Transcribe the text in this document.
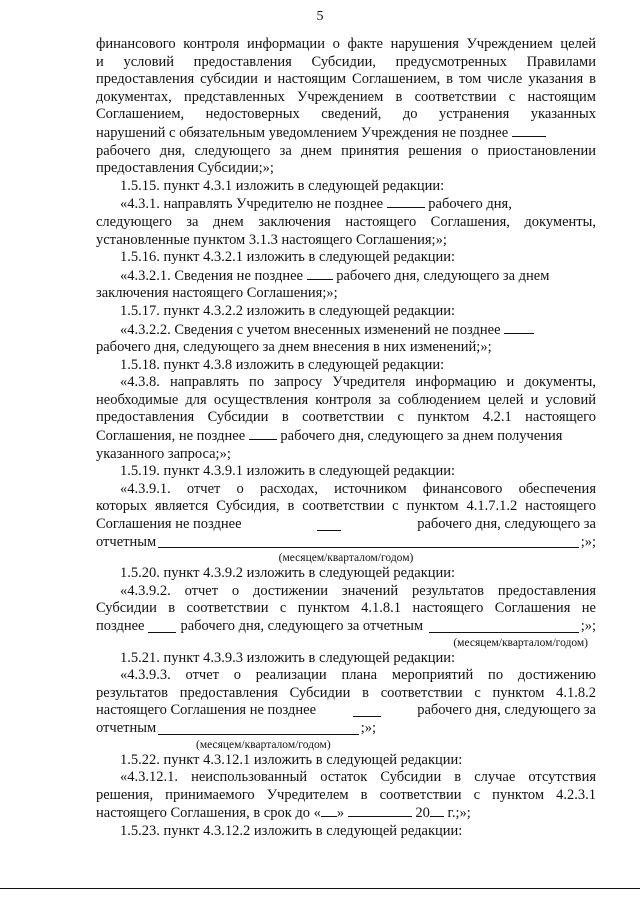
5
финансового контроля информации о факте нарушения Учреждением целей
и условий предоставления Субсидии, предусмотренных Правилами
предоставления субсидии и настоящим Соглашением, в том числе указания в
документах, представленных Учреждением в соответствии с настоящим
Соглашением, недостоверных сведений, до устранения указанных
нарушений с обязательным уведомлением Учреждения не позднее
рабочего дня, следующего за днем принятия решения о приостановлении
предоставления Субсидии;»;
1.5.15. пункт 4.3.1 изложить в следующей редакции:
«4.3.1. направлять Учредителю не позднее	рабочего дня,
следующего за днем заключения настоящего Соглашения, документы,
установленные пунктом 3.1.3 настоящего Соглашения;»;
1.5.16. пункт 4.3.2.1 изложить в следующей редакции:
«4.3.2.1. Сведения не позднее рабочего дня, следующего за днем
заключения настоящего Соглашения;»;
1.5.17. пункт 4.3.2.2 изложить в следующей редакции:
«4.3.2.2. Сведения с учетом внесенных изменений не позднее
рабочего дня, следующего за днем внесения в них изменений;»;
1.5.18. пункт 4.3.8 изложить в следующей редакции:
«4.3.8. направлять по запросу Учредителя информацию и документы,
необходимые для осуществления контроля за соблюдением целей и условий
предоставления Субсидии в соответствии с пунктом 4.2.1 настоящего
Соглашения, не позднее рабочего дня, следующего за днем получения
указанного запроса;»;
1.5.19. пункт 4.3.9.1 изложить в следующей редакции:
«4.3.9.1. отчет о расходах, источником финансового обеспечения
которых является Субсидия, в соответствии с пунктом 4.1.7.1.2 настоящего
Соглашения не позднее	рабочего дня, следующего за
отчетным	;»;
(месяцем/кварталом/годом)
1.5.20. пункт 4.3.9.2 изложить в следующей редакции:
«4.3.9.2. отчет о достижении значений результатов предоставления
Субсидии в соответствии с пунктом 4.1.8.1 настоящего Соглашения не
позднее рабочего дня, следующего за отчетным	;»;
(месяцем/кварталом/годом)
1.5.21. пункт 4.3.9.3 изложить в следующей редакции:
«4.3.9.3. отчет о реализации плана мероприятий по достижению
результатов предоставления Субсидии в соответствии с пунктом 4.1.8.2
настоящего Соглашения не позднее	рабочего дня, следующего за
отчетным	;»;
(месяцем/кварталом/годом)
1.5.22. пункт 4.3.12.1 изложить в следующей редакции:
«4.3.12.1. неиспользованный остаток Субсидии в случае отсутствия
решения, принимаемого Учредителем в соответствии с пунктом 4.2.3.1
настоящего Соглашения, в срок до « »	20 г.;»;
1.5.23. пункт 4.3.12.2 изложить в следующей редакции:
